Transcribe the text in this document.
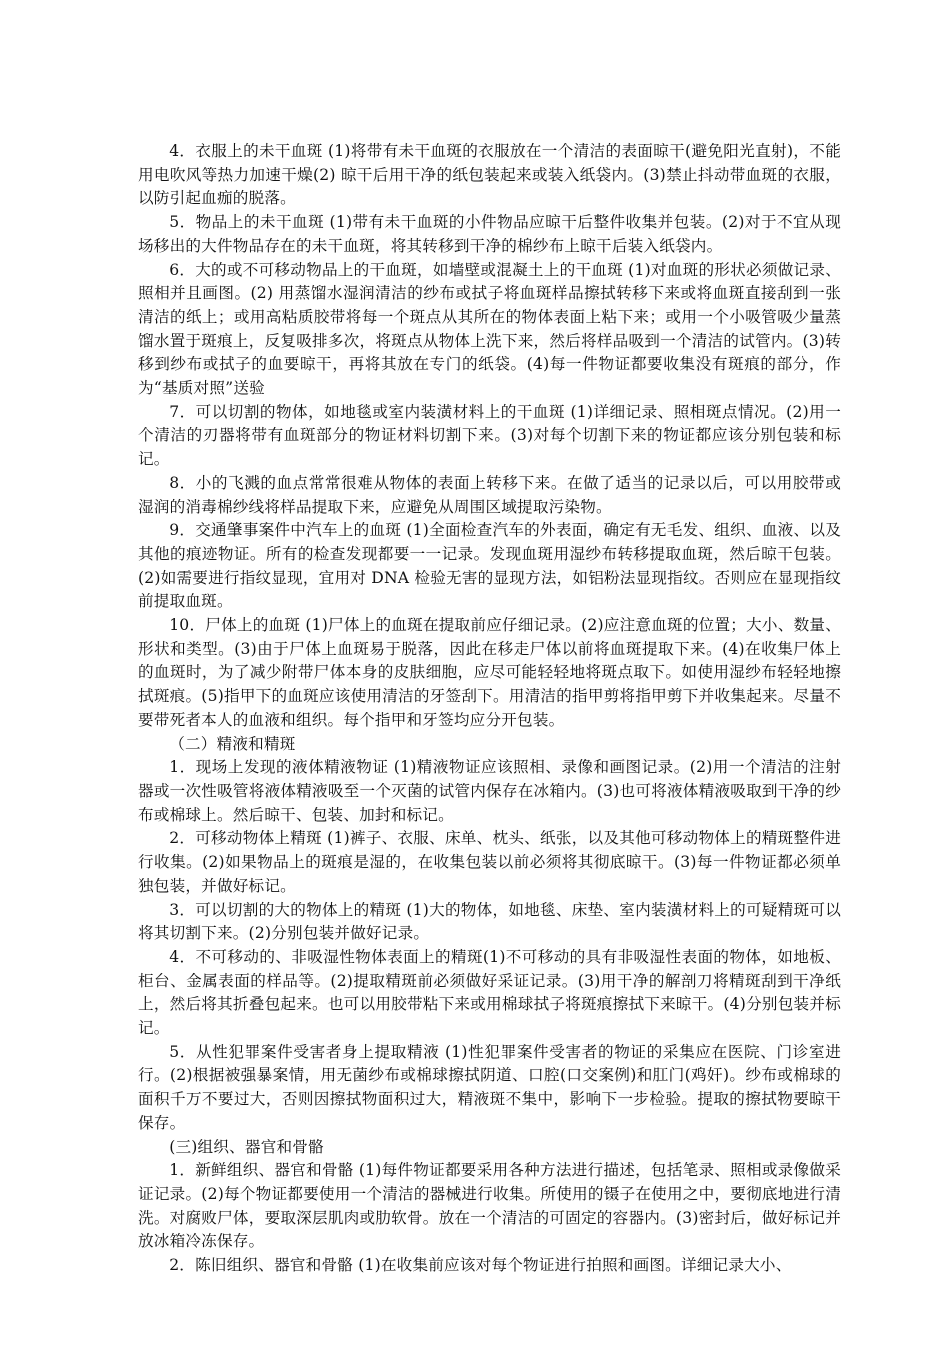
4．衣服上的未干血斑 (1)将带有未干血斑的衣服放在一个清洁的表面晾干(避免阳光直射)，不能用电吹风等热力加速干燥(2) 晾干后用干净的纸包装起来或装入纸袋内。(3)禁止抖动带血斑的衣服，以防引起血痂的脱落。

5．物品上的未干血斑 (1)带有未干血斑的小件物品应晾干后整件收集并包装。(2)对于不宜从现场移出的大件物品存在的未干血斑，将其转移到干净的棉纱布上晾干后装入纸袋内。

6．大的或不可移动物品上的干血斑，如墙壁或混凝土上的干血斑 (1)对血斑的形状必须做记录、照相并且画图。(2) 用蒸馏水湿润清洁的纱布或拭子将血斑样品擦拭转移下来或将血斑直接刮到一张清洁的纸上；或用高粘质胶带将每一个斑点从其所在的物体表面上粘下来；或用一个小吸管吸少量蒸馏水置于斑痕上，反复吸排多次，将斑点从物体上洗下来，然后将样品吸到一个清洁的试管内。(3)转移到纱布或拭子的血要晾干，再将其放在专门的纸袋。(4)每一件物证都要收集没有斑痕的部分，作为“基质对照”送验

7．可以切割的物体，如地毯或室内装潢材料上的干血斑 (1)详细记录、照相斑点情况。(2)用一个清洁的刃器将带有血斑部分的物证材料切割下来。(3)对每个切割下来的物证都应该分别包装和标记。

8．小的飞溅的血点常常很难从物体的表面上转移下来。在做了适当的记录以后，可以用胶带或湿润的消毒棉纱线将样品提取下来，应避免从周围区域提取污染物。

9．交通肇事案件中汽车上的血斑 (1)全面检查汽车的外表面，确定有无毛发、组织、血液、以及其他的痕迹物证。所有的检查发现都要一一记录。发现血斑用湿纱布转移提取血斑，然后晾干包装。(2)如需要进行指纹显现，宜用对 DNA 检验无害的显现方法，如铝粉法显现指纹。否则应在显现指纹前提取血斑。

10．尸体上的血斑 (1)尸体上的血斑在提取前应仔细记录。(2)应注意血斑的位置；大小、数量、形状和类型。(3)由于尸体上血斑易于脱落，因此在移走尸体以前将血斑提取下来。(4)在收集尸体上的血斑时，为了减少附带尸体本身的皮肤细胞，应尽可能轻轻地将斑点取下。如使用湿纱布轻轻地擦拭斑痕。(5)指甲下的血斑应该使用清洁的牙签刮下。用清洁的指甲剪将指甲剪下并收集起来。尽量不要带死者本人的血液和组织。每个指甲和牙签均应分开包装。

（二）精液和精斑

1．现场上发现的液体精液物证 (1)精液物证应该照相、录像和画图记录。(2)用一个清洁的注射器或一次性吸管将液体精液吸至一个灭菌的试管内保存在冰箱内。(3)也可将液体精液吸取到干净的纱布或棉球上。然后晾干、包装、加封和标记。

2．可移动物体上精斑 (1)裤子、衣服、床单、枕头、纸张，以及其他可移动物体上的精斑整件进行收集。(2)如果物品上的斑痕是湿的，在收集包装以前必须将其彻底晾干。(3)每一件物证都必须单独包装，并做好标记。

3．可以切割的大的物体上的精斑 (1)大的物体，如地毯、床垫、室内装潢材料上的可疑精斑可以将其切割下来。(2)分别包装并做好记录。

4．不可移动的、非吸湿性物体表面上的精斑(1)不可移动的具有非吸湿性表面的物体，如地板、柜台、金属表面的样品等。(2)提取精斑前必须做好采证记录。(3)用干净的解剖刀将精斑刮到干净纸上，然后将其折叠包起来。也可以用胶带粘下来或用棉球拭子将斑痕擦拭下来晾干。(4)分别包装并标记。

5．从性犯罪案件受害者身上提取精液 (1)性犯罪案件受害者的物证的采集应在医院、门诊室进行。(2)根据被强暴案情，用无菌纱布或棉球擦拭阴道、口腔(口交案例)和肛门(鸡奸)。纱布或棉球的面积千万不要过大，否则因擦拭物面积过大，精液斑不集中，影响下一步检验。提取的擦拭物要晾干保存。

(三)组织、器官和骨骼

1．新鲜组织、器官和骨骼 (1)每件物证都要采用各种方法进行描述，包括笔录、照相或录像做采证记录。(2)每个物证都要使用一个清洁的器械进行收集。所使用的镊子在使用之中，要彻底地进行清洗。对腐败尸体，要取深层肌肉或肋软骨。放在一个清洁的可固定的容器内。(3)密封后，做好标记并放冰箱冷冻保存。

2．陈旧组织、器官和骨骼 (1)在收集前应该对每个物证进行拍照和画图。详细记录大小、
